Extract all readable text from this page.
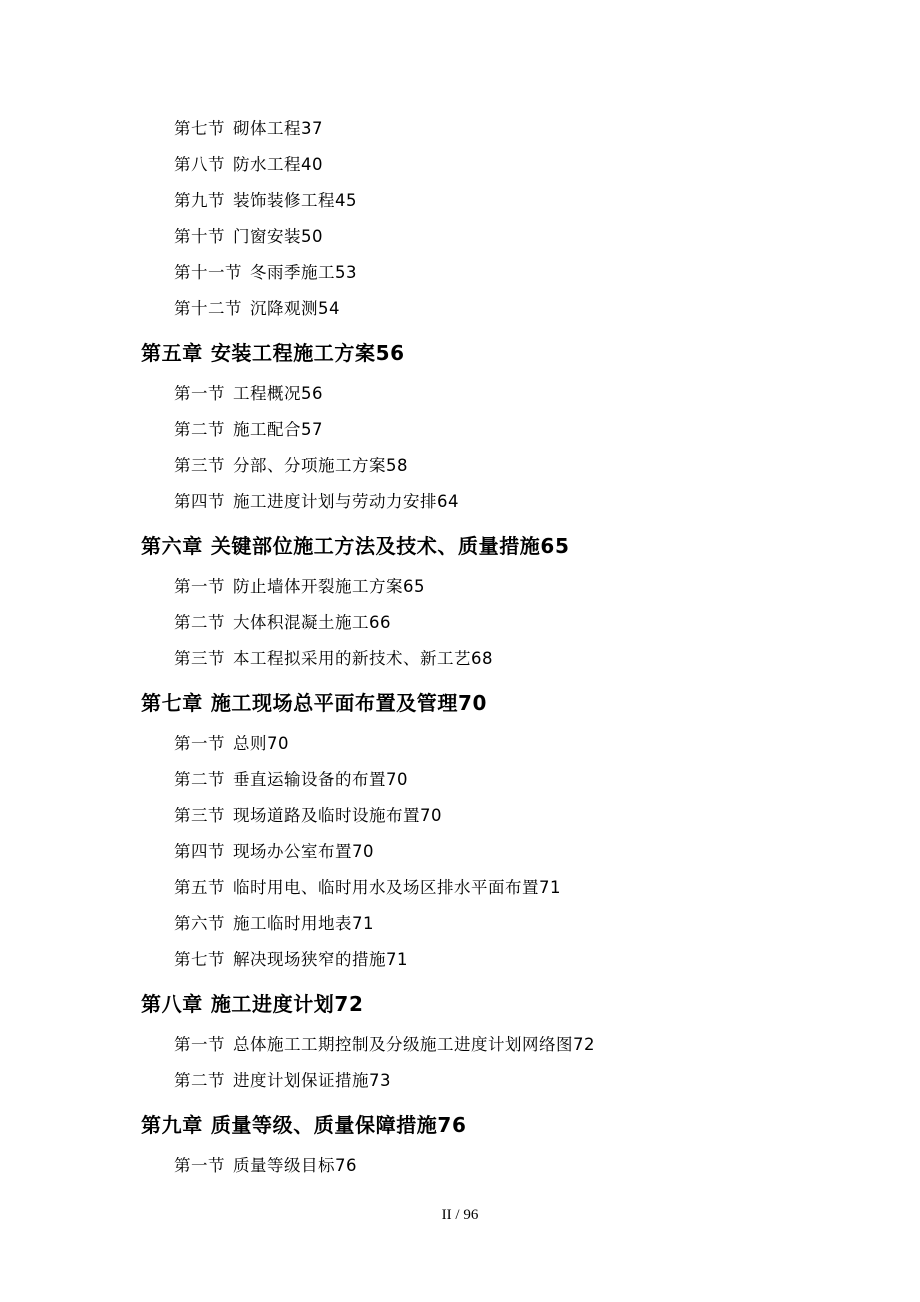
第七节 砌体工程37
第八节 防水工程40
第九节 装饰装修工程45
第十节 门窗安装50
第十一节 冬雨季施工53
第十二节 沉降观测54
第五章 安装工程施工方案56
第一节 工程概况56
第二节 施工配合57
第三节 分部、分项施工方案58
第四节 施工进度计划与劳动力安排64
第六章 关键部位施工方法及技术、质量措施65
第一节 防止墙体开裂施工方案65
第二节 大体积混凝土施工66
第三节 本工程拟采用的新技术、新工艺68
第七章 施工现场总平面布置及管理70
第一节 总则70
第二节 垂直运输设备的布置70
第三节 现场道路及临时设施布置70
第四节 现场办公室布置70
第五节 临时用电、临时用水及场区排水平面布置71
第六节 施工临时用地表71
第七节 解决现场狭窄的措施71
第八章 施工进度计划72
第一节 总体施工工期控制及分级施工进度计划网络图72
第二节 进度计划保证措施73
第九章 质量等级、质量保障措施76
第一节 质量等级目标76
II / 96
